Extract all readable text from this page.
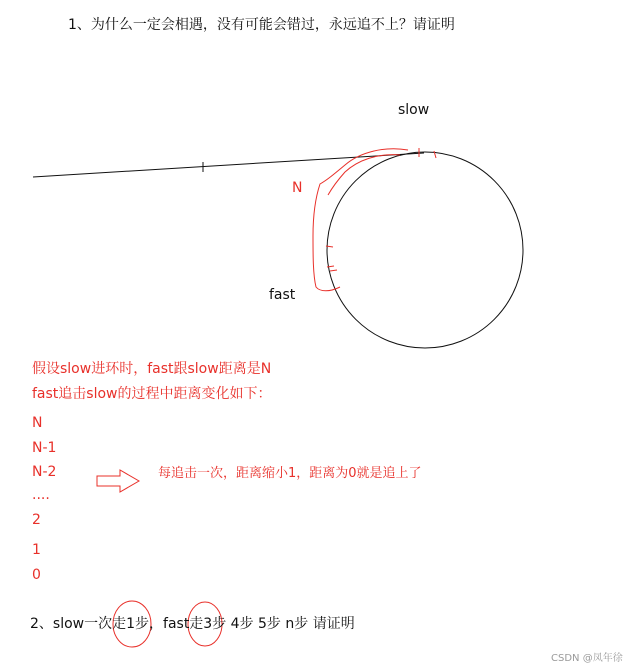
1、为什么一定会相遇，没有可能会错过，永远追不上？请证明
slow
fast
N
假设slow进环时，fast跟slow距离是N
fast追击slow的过程中距离变化如下：
N
N-1
N-2
....
2
1
0
每追击一次，距离缩小1，距离为0就是追上了
2、slow一次走1步，fast走3步 4步 5步 n步 请证明
CSDN @凤年徐
